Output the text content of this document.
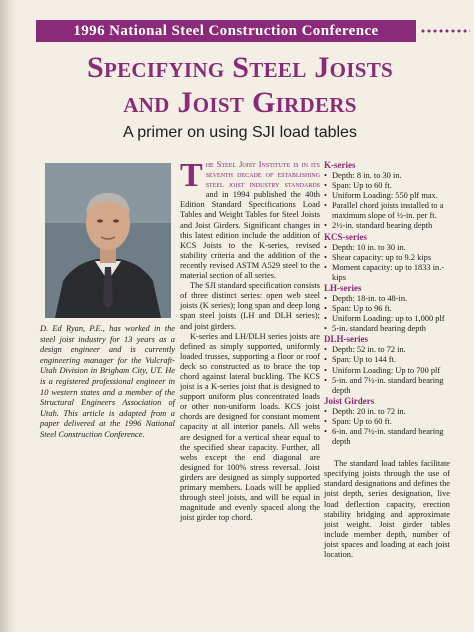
1996 National Steel Construction Conference
Specifying Steel Joists
and Joist Girders
A primer on using SJI load tables
D. Ed Ryan, P.E., has worked in the steel joist industry for 13 years as a design engineer and is currently engineering manager for the Vulcraft-Utah Division in Brigham City, UT. He is a registered professional engineer in 10 western states and a member of the Structural Engineers Association of Utah. This article is adapted from a paper delivered at the 1996 National Steel Construction Conference.

The Steel Joist Institute is in its seventh decade of establishing steel joist industry standards and in 1994 published the 40th Edition Standard Specifications Load Tables and Weight Tables for Steel Joists and Joist Girders. Significant changes in this latest edition include the addition of KCS Joists to the K-series, revised stability criteria and the addition of the recently revised ASTM A529 steel to the material section of all series.

The SJI standard specification consists of three distinct series: open web steel joists (K series); long span and deep long span steel joists (LH and DLH series); and joist girders.

K-series and LH/DLH series joists are defined as simply supported, uniformly loaded trusses, supporting a floor or roof deck so constructed as to brace the top chord against lateral buckling. The KCS joist is a K-series joist that is designed to support uniform plus concentrated loads or other non-uniform loads. KCS joist chords are designed for constant moment capacity at all interior panels. All webs are designed for a vertical shear equal to the specified shear capacity. Further, all webs except the end diagonal are designed for 100% stress reversal. Joist girders are designed as simply supported primary members. Loads will be applied through steel joists, and will be equal in magnitude and evenly spaced along the joist girder top chord.

K-series
• Depth: 8 in. to 30 in.
• Span: Up to 60 ft.
• Uniform Loading: 550 plf max.
• Parallel chord joists installed to a maximum slope of ½-in. per ft.
• 2½-in. standard bearing depth
KCS-series
• Depth: 10 in. to 30 in.
• Shear capacity: up to 9.2 kips
• Moment capacity: up to 1833 in.-kips
LH-series
• Depth: 18-in. to 48-in.
• Span: Up to 96 ft.
• Uniform Loading: up to 1,000 plf
• 5-in. standard bearing depth
DLH-series
• Depth: 52 in. to 72 in.
• Span: Up to 144 ft.
• Uniform Loading: Up to 700 plf
• 5-in. and 7½-in. standard bearing depth
Joist Girders
• Depth: 20 in. to 72 in.
• Span: Up to 60 ft.
• 6-in. and 7½-in. standard bearing depth

The standard load tables facilitate specifying joists through the use of standard designations and defines the joist depth, series designation, live load deflection capacity, erection stability bridging and approximate joist weight. Joist girder tables include member depth, number of joist spaces and loading at each joist location.
